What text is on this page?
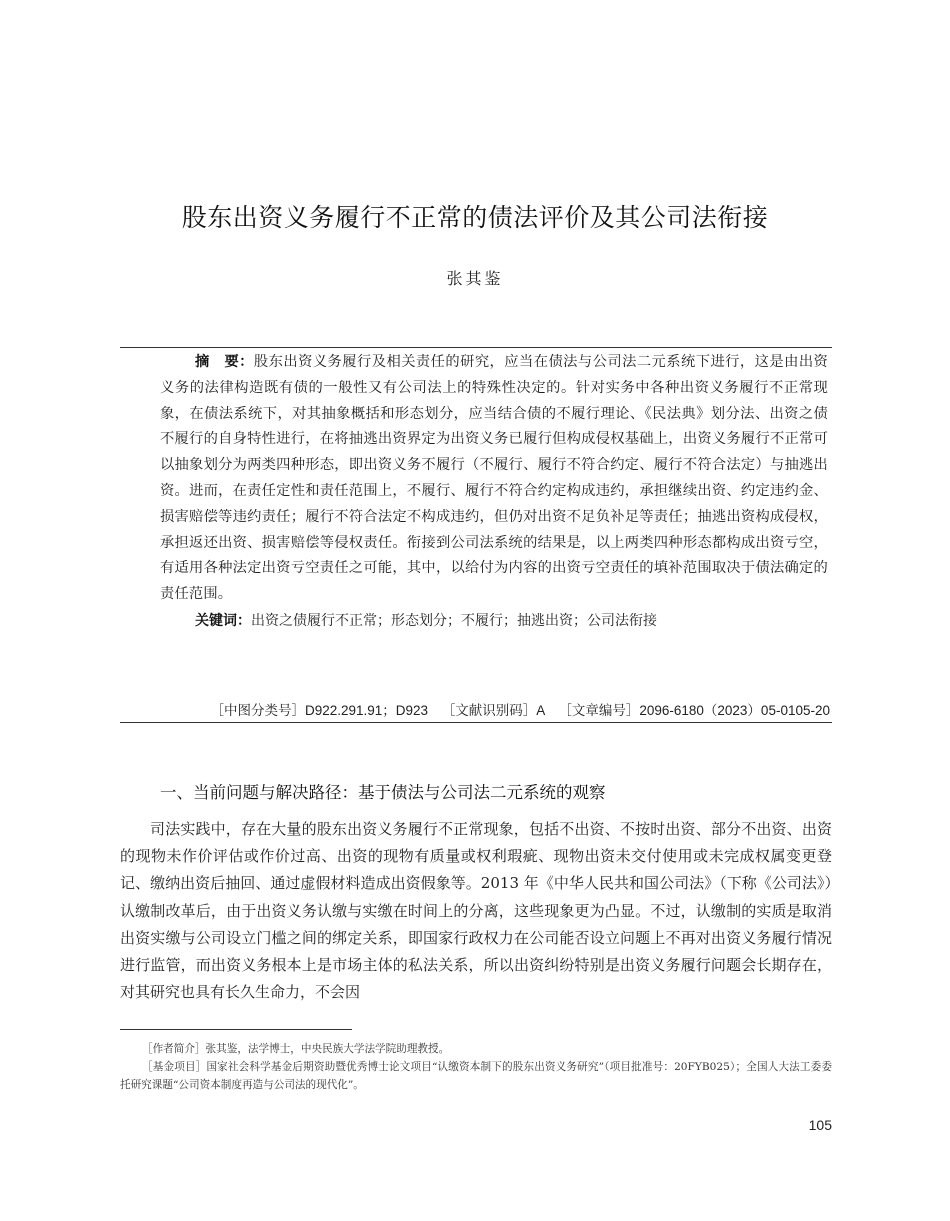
股东出资义务履行不正常的债法评价及其公司法衔接
张其鉴

摘　要：股东出资义务履行及相关责任的研究，应当在债法与公司法二元系统下进行，这是由出资义务的法律构造既有债的一般性又有公司法上的特殊性决定的。针对实务中各种出资义务履行不正常现象，在债法系统下，对其抽象概括和形态划分，应当结合债的不履行理论、《民法典》划分法、出资之债不履行的自身特性进行，在将抽逃出资界定为出资义务已履行但构成侵权基础上，出资义务履行不正常可以抽象划分为两类四种形态，即出资义务不履行（不履行、履行不符合约定、履行不符合法定）与抽逃出资。进而，在责任定性和责任范围上，不履行、履行不符合约定构成违约，承担继续出资、约定违约金、损害赔偿等违约责任；履行不符合法定不构成违约，但仍对出资不足负补足等责任；抽逃出资构成侵权，承担返还出资、损害赔偿等侵权责任。衔接到公司法系统的结果是，以上两类四种形态都构成出资亏空，有适用各种法定出资亏空责任之可能，其中，以给付为内容的出资亏空责任的填补范围取决于债法确定的责任范围。

关键词：出资之债履行不正常；形态划分；不履行；抽逃出资；公司法衔接

［中图分类号］D922.291.91；D923 ［文献识别码］A ［文章编号］2096-6180（2023）05-0105-20
一、当前问题与解决路径：基于债法与公司法二元系统的观察

司法实践中，存在大量的股东出资义务履行不正常现象，包括不出资、不按时出资、部分不出资、出资的现物未作价评估或作价过高、出资的现物有质量或权利瑕疵、现物出资未交付使用或未完成权属变更登记、缴纳出资后抽回、通过虚假材料造成出资假象等。2013 年《中华人民共和国公司法》（下称《公司法》）认缴制改革后，由于出资义务认缴与实缴在时间上的分离，这些现象更为凸显。不过，认缴制的实质是取消出资实缴与公司设立门槛之间的绑定关系，即国家行政权力在公司能否设立问题上不再对出资义务履行情况进行监管，而出资义务根本上是市场主体的私法关系，所以出资纠纷特别是出资义务履行问题会长期存在，对其研究也具有长久生命力，不会因

［作者简介］张其鉴，法学博士，中央民族大学法学院助理教授。

［基金项目］国家社会科学基金后期资助暨优秀博士论文项目“认缴资本制下的股东出资义务研究”（项目批准号：20FYB025）；全国人大法工委委托研究课题“公司资本制度再造与公司法的现代化”。

105
